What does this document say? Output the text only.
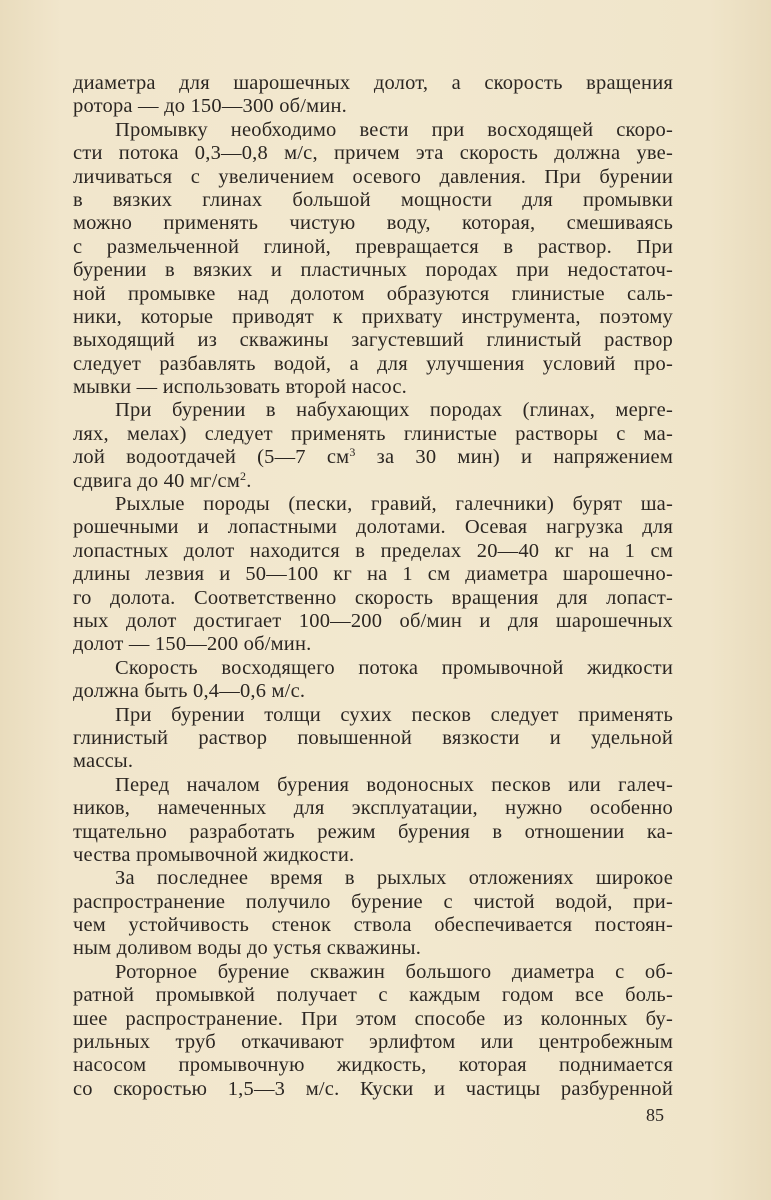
диаметра для шарошечных долот, а скорость вращения
ротора — до 150—300 об/мин.
Промывку необходимо вести при восходящей скоро-
сти потока 0,3—0,8 м/с, причем эта скорость должна уве-
личиваться с увеличением осевого давления. При бурении
в вязких глинах большой мощности для промывки
можно применять чистую воду, которая, смешиваясь
с размельченной глиной, превращается в раствор. При
бурении в вязких и пластичных породах при недостаточ-
ной промывке над долотом образуются глинистые саль-
ники, которые приводят к прихвату инструмента, поэтому
выходящий из скважины загустевший глинистый раствор
следует разбавлять водой, а для улучшения условий про-
мывки — использовать второй насос.
При бурении в набухающих породах (глинах, мерге-
лях, мелах) следует применять глинистые растворы с ма-
лой водоотдачей (5—7 $см^3$ за 30 мин) и напряжением
сдвига до 40 $мг/см^2$.
Рыхлые породы (пески, гравий, галечники) бурят ша-
рошечными и лопастными долотами. Осевая нагрузка для
лопастных долот находится в пределах 20—40 кг на 1 см
длины лезвия и 50—100 кг на 1 см диаметра шарошечно-
го долота. Соответственно скорость вращения для лопаст-
ных долот достигает 100—200 об/мин и для шарошечных
долот — 150—200 об/мин.
Скорость восходящего потока промывочной жидкости
должна быть 0,4—0,6 м/с.
При бурении толщи сухих песков следует применять
глинистый раствор повышенной вязкости и удельной
массы.
Перед началом бурения водоносных песков или галеч-
ников, намеченных для эксплуатации, нужно особенно
тщательно разработать режим бурения в отношении ка-
чества промывочной жидкости.
За последнее время в рыхлых отложениях широкое
распространение получило бурение с чистой водой, при-
чем устойчивость стенок ствола обеспечивается постоян-
ным доливом воды до устья скважины.
Роторное бурение скважин большого диаметра с об-
ратной промывкой получает с каждым годом все боль-
шее распространение. При этом способе из колонных бу-
рильных труб откачивают эрлифтом или центробежным
насосом промывочную жидкость, которая поднимается
со скоростью 1,5—3 м/с. Куски и частицы разбуренной
85
